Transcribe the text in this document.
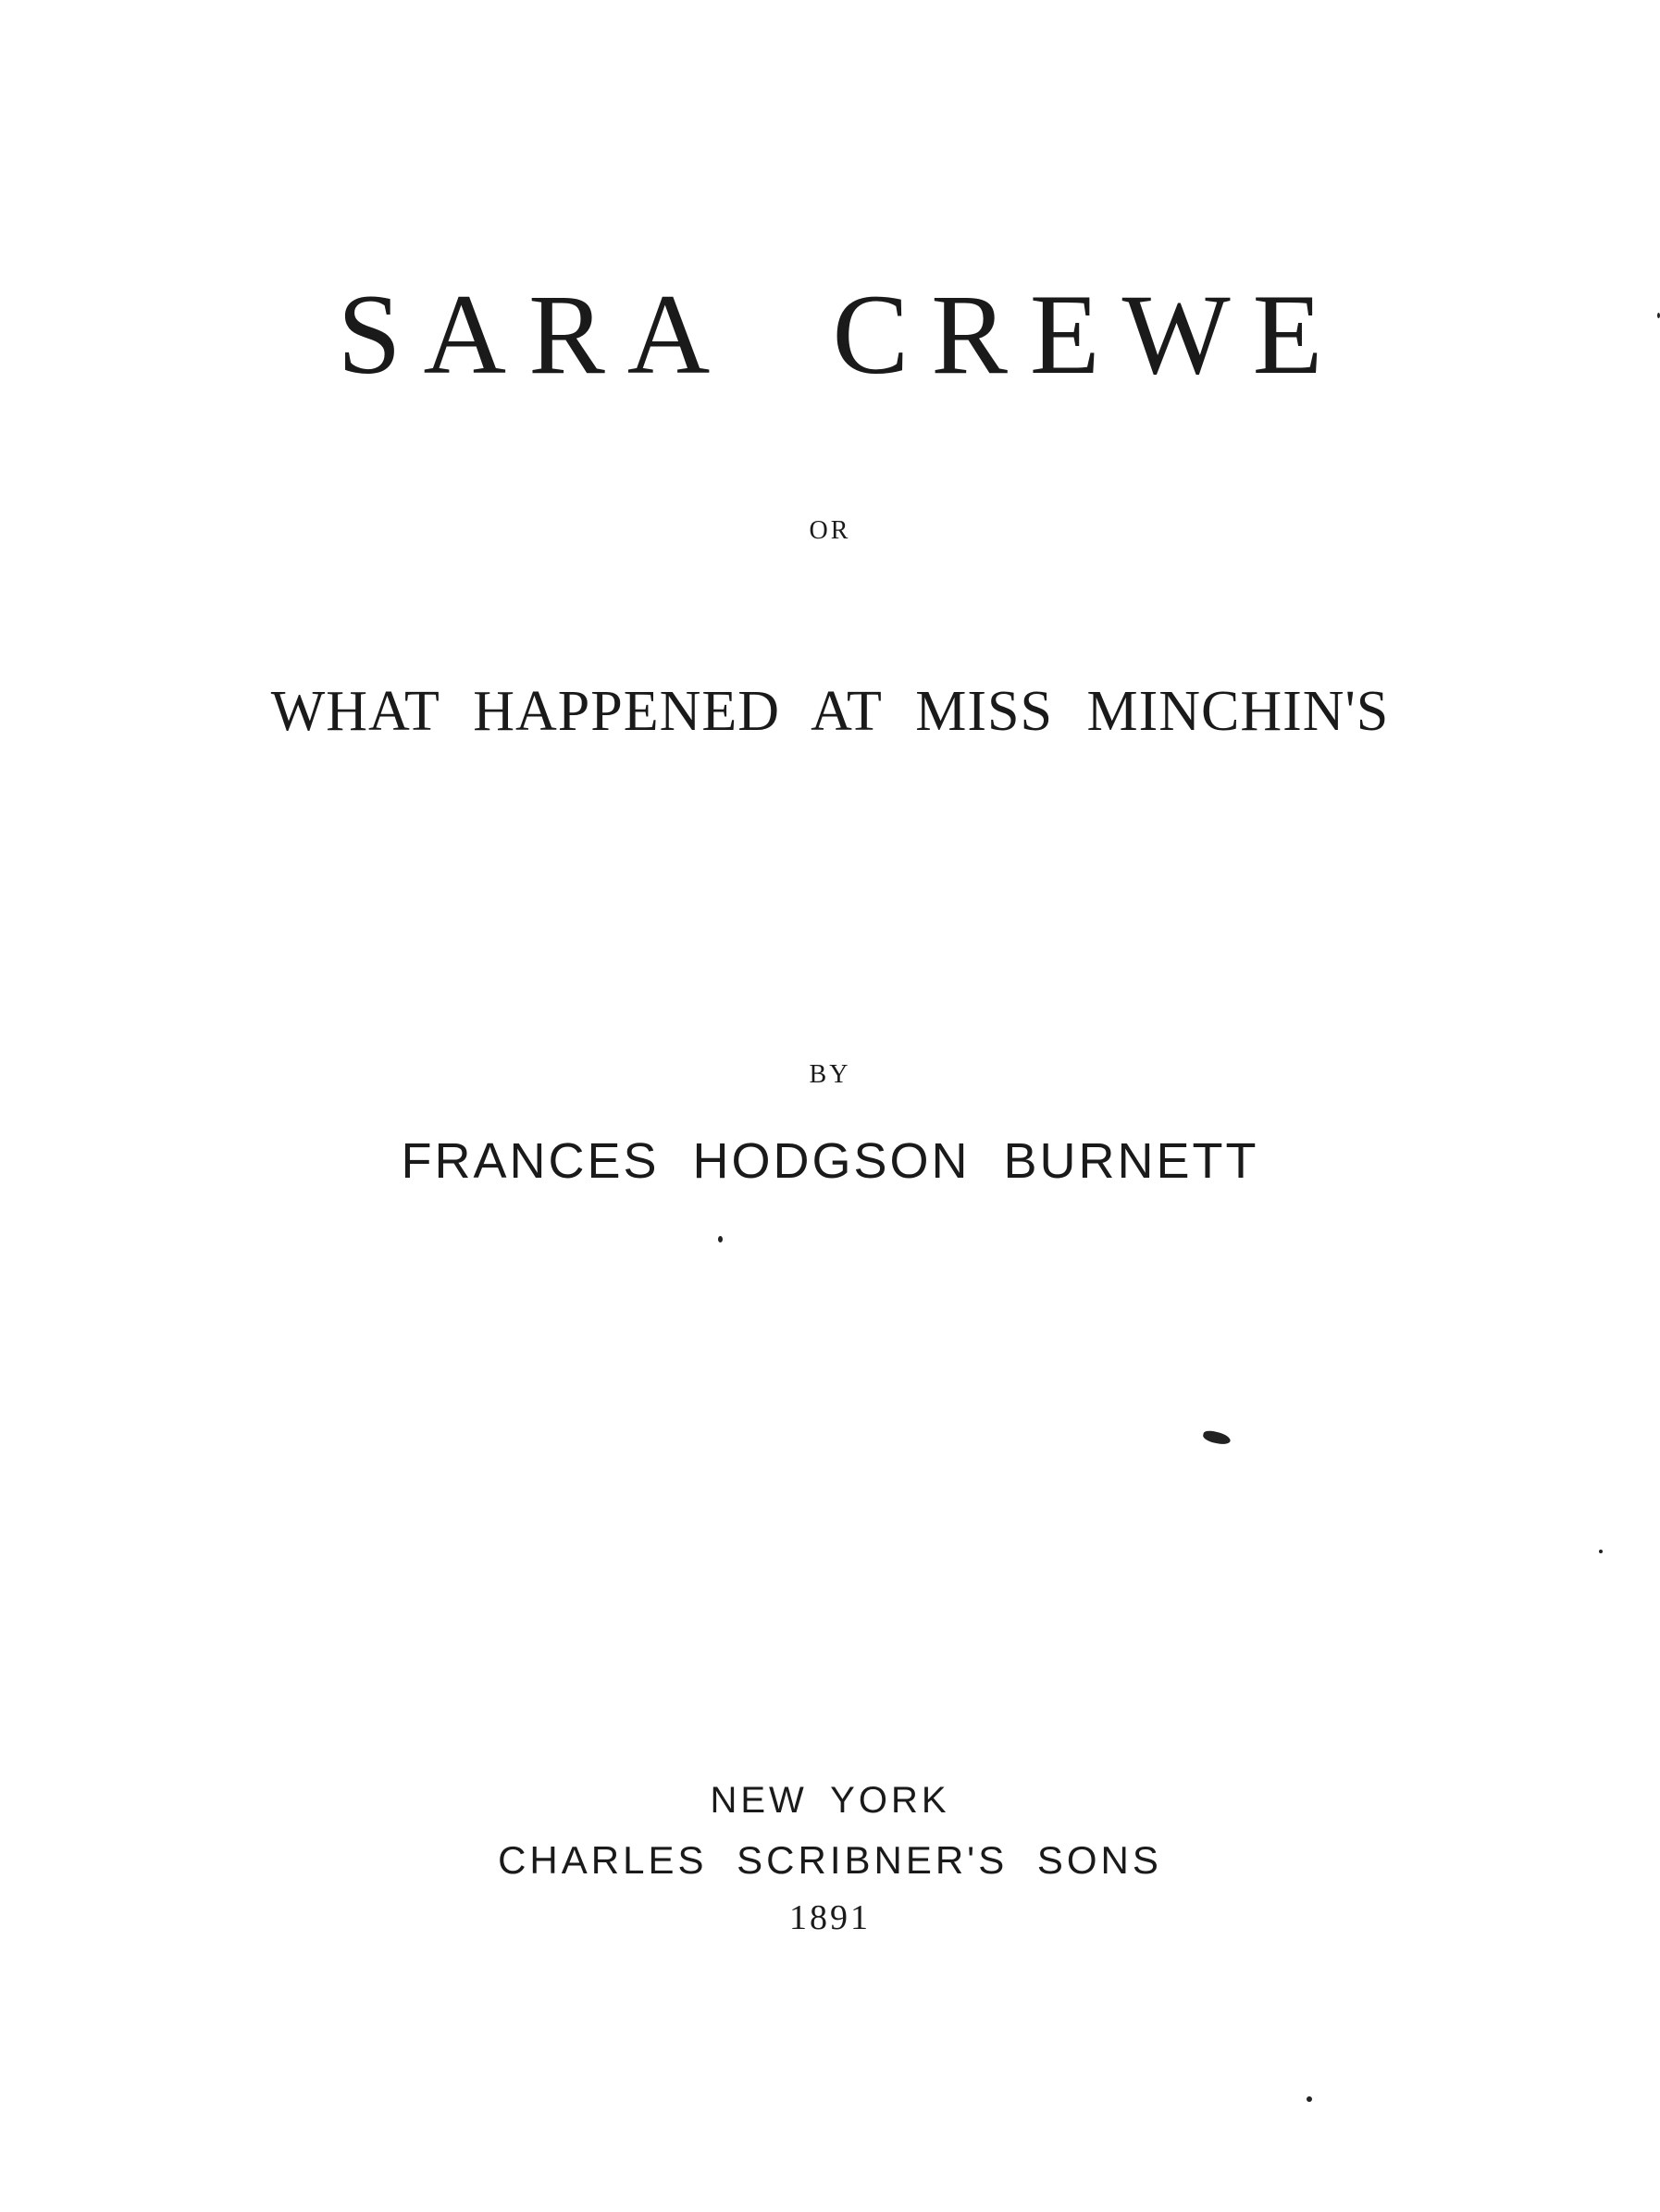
SARA CREWE
OR
WHAT HAPPENED AT MISS MINCHIN'S
BY
FRANCES HODGSON BURNETT
NEW YORK
CHARLES SCRIBNER'S SONS
1891
